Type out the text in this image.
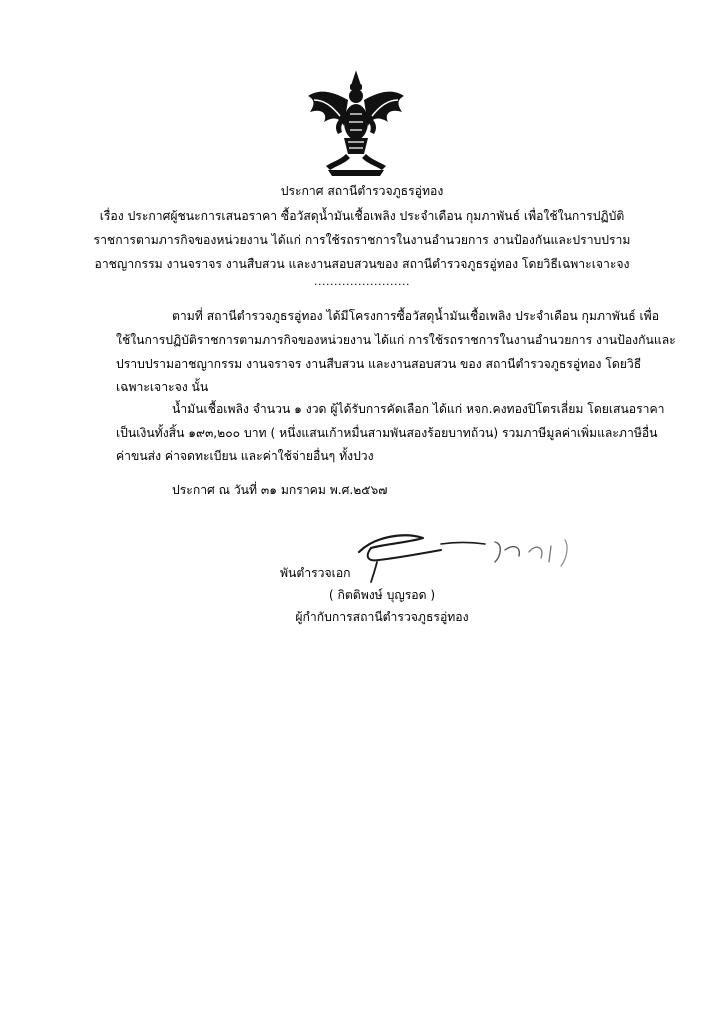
ประกาศ สถานีตำรวจภูธรอู่ทอง
เรื่อง ประกาศผู้ชนะการเสนอราคา ซื้อวัสดุน้ำมันเชื้อเพลิง ประจำเดือน กุมภาพันธ์ เพื่อใช้ในการปฏิบัติ
ราชการตามภารกิจของหน่วยงาน ได้แก่ การใช้รถราชการในงานอำนวยการ งานป้องกันและปราบปราม
อาชญากรรม งานจราจร งานสืบสวน และงานสอบสวนของ สถานีตำรวจภูธรอู่ทอง โดยวิธีเฉพาะเจาะจง
........................
ตามที่ สถานีตำรวจภูธรอู่ทอง ได้มีโครงการซื้อวัสดุน้ำมันเชื้อเพลิง ประจำเดือน กุมภาพันธ์ เพื่อ
ใช้ในการปฏิบัติราชการตามภารกิจของหน่วยงาน ได้แก่ การใช้รถราชการในงานอำนวยการ งานป้องกันและ
ปราบปรามอาชญากรรม งานจราจร งานสืบสวน และงานสอบสวน ของ สถานีตำรวจภูธรอู่ทอง โดยวิธี
เฉพาะเจาะจง นั้น
น้ำมันเชื้อเพลิง จำนวน ๑ งวด ผู้ได้รับการคัดเลือก ได้แก่ หจก.คงทองปิโตรเลี่ยม โดยเสนอราคา
เป็นเงินทั้งสิ้น ๑๙๓,๒๐๐ บาท ( หนึ่งแสนเก้าหมื่นสามพันสองร้อยบาทถ้วน) รวมภาษีมูลค่าเพิ่มและภาษีอื่น
ค่าขนส่ง ค่าจดทะเบียน และค่าใช้จ่ายอื่นๆ ทั้งปวง
ประกาศ ณ วันที่ ๓๑ มกราคม พ.ศ.๒๕๖๗
พันตำรวจเอก
( กิตติพงษ์ บุญรอด )
ผู้กำกับการสถานีตำรวจภูธรอู่ทอง
